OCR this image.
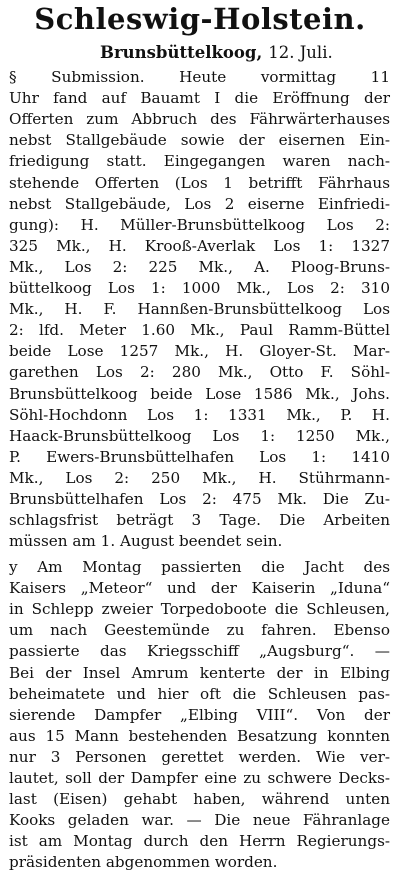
Schleswig-Holstein.
Brunsbüttelkoog, 12. Juli.
§ Submission. Heute vormittag 11
Uhr fand auf Bauamt I die Eröffnung der
Offerten zum Abbruch des Fährwärterhauses
nebst Stallgebäude sowie der eisernen Ein-
friedigung statt. Eingegangen waren nach-
stehende Offerten (Los 1 betrifft Fährhaus
nebst Stallgebäude, Los 2 eiserne Einfriedi-
gung): H. Müller-Brunsbüttelkoog Los 2:
325 Mk., H. Krooß-Averlak Los 1: 1327
Mk., Los 2: 225 Mk., A. Ploog-Bruns-
büttelkoog Los 1: 1000 Mk., Los 2: 310
Mk., H. F. Hannßen-Brunsbüttelkoog Los
2: lfd. Meter 1.60 Mk., Paul Ramm-Büttel
beide Lose 1257 Mk., H. Gloyer-St. Mar-
garethen Los 2: 280 Mk., Otto F. Söhl-
Brunsbüttelkoog beide Lose 1586 Mk., Johs.
Söhl-Hochdonn Los 1: 1331 Mk., P. H.
Haack-Brunsbüttelkoog Los 1: 1250 Mk.,
P. Ewers-Brunsbüttelhafen Los 1: 1410
Mk., Los 2: 250 Mk., H. Stührmann-
Brunsbüttelhafen Los 2: 475 Mk. Die Zu-
schlagsfrist beträgt 3 Tage. Die Arbeiten
müssen am 1. August beendet sein.
y Am Montag passierten die Jacht des
Kaisers „Meteor“ und der Kaiserin „Iduna“
in Schlepp zweier Torpedoboote die Schleusen,
um nach Geestemünde zu fahren. Ebenso
passierte das Kriegsschiff „Augsburg“. —
Bei der Insel Amrum kenterte der in Elbing
beheimatete und hier oft die Schleusen pas-
sierende Dampfer „Elbing VIII“. Von der
aus 15 Mann bestehenden Besatzung konnten
nur 3 Personen gerettet werden. Wie ver-
lautet, soll der Dampfer eine zu schwere Decks-
last (Eisen) gehabt haben, während unten
Kooks geladen war. — Die neue Fähranlage
ist am Montag durch den Herrn Regierungs-
präsidenten abgenommen worden.
